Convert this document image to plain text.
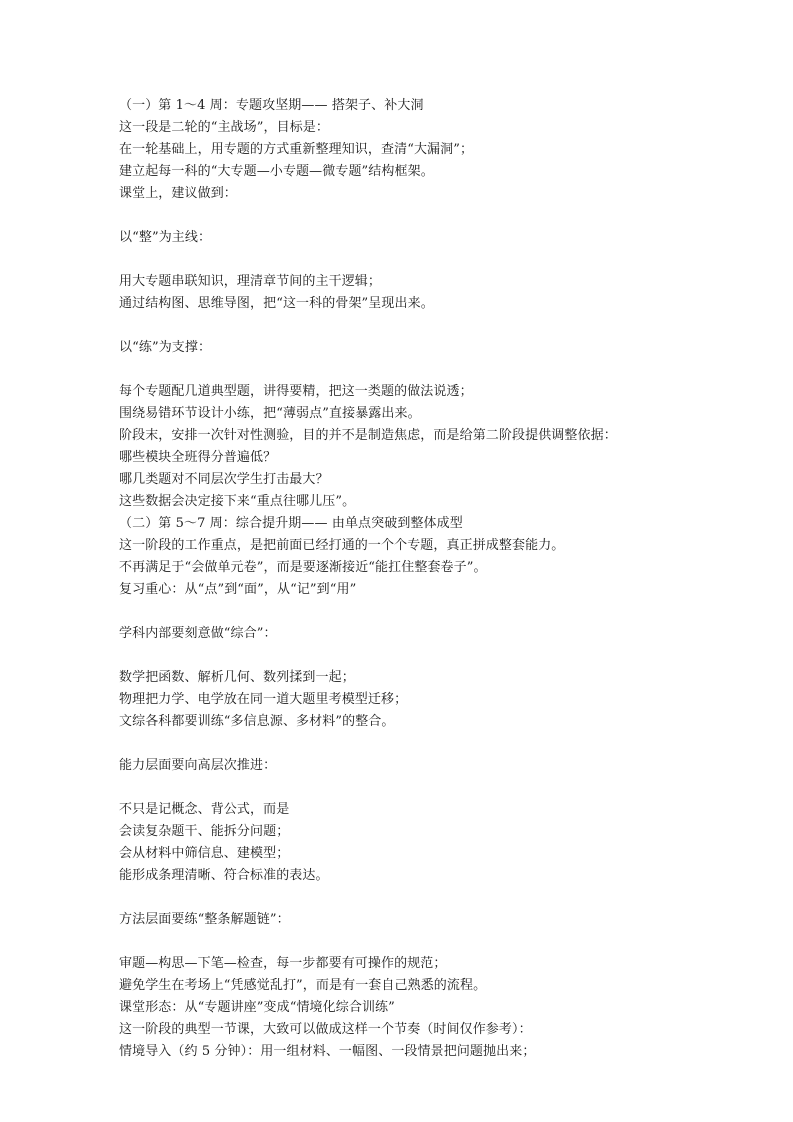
（一）第 1～4 周：专题攻坚期—— 搭架子、补大洞
这一段是二轮的“主战场”，目标是：
在一轮基础上，用专题的方式重新整理知识，查清“大漏洞”；
建立起每一科的“大专题—小专题—微专题”结构框架。
课堂上，建议做到：
以“整”为主线：
用大专题串联知识，理清章节间的主干逻辑；
通过结构图、思维导图，把“这一科的骨架”呈现出来。
以“练”为支撑：
每个专题配几道典型题，讲得要精，把这一类题的做法说透；
围绕易错环节设计小练，把“薄弱点”直接暴露出来。
阶段末，安排一次针对性测验，目的并不是制造焦虑，而是给第二阶段提供调整依据：
哪些模块全班得分普遍低？
哪几类题对不同层次学生打击最大？
这些数据会决定接下来“重点往哪儿压”。
（二）第 5～7 周：综合提升期—— 由单点突破到整体成型
这一阶段的工作重点，是把前面已经打通的一个个专题，真正拼成整套能力。
不再满足于“会做单元卷”，而是要逐渐接近“能扛住整套卷子”。
复习重心：从“点”到“面”，从“记”到“用”
学科内部要刻意做“综合”：
数学把函数、解析几何、数列揉到一起；
物理把力学、电学放在同一道大题里考模型迁移；
文综各科都要训练“多信息源、多材料”的整合。
能力层面要向高层次推进：
不只是记概念、背公式，而是
会读复杂题干、能拆分问题；
会从材料中筛信息、建模型；
能形成条理清晰、符合标准的表达。
方法层面要练“整条解题链”：
审题—构思—下笔—检查，每一步都要有可操作的规范；
避免学生在考场上“凭感觉乱打”，而是有一套自己熟悉的流程。
课堂形态：从“专题讲座”变成“情境化综合训练”
这一阶段的典型一节课，大致可以做成这样一个节奏（时间仅作参考）：
情境导入（约 5 分钟）：用一组材料、一幅图、一段情景把问题抛出来；
